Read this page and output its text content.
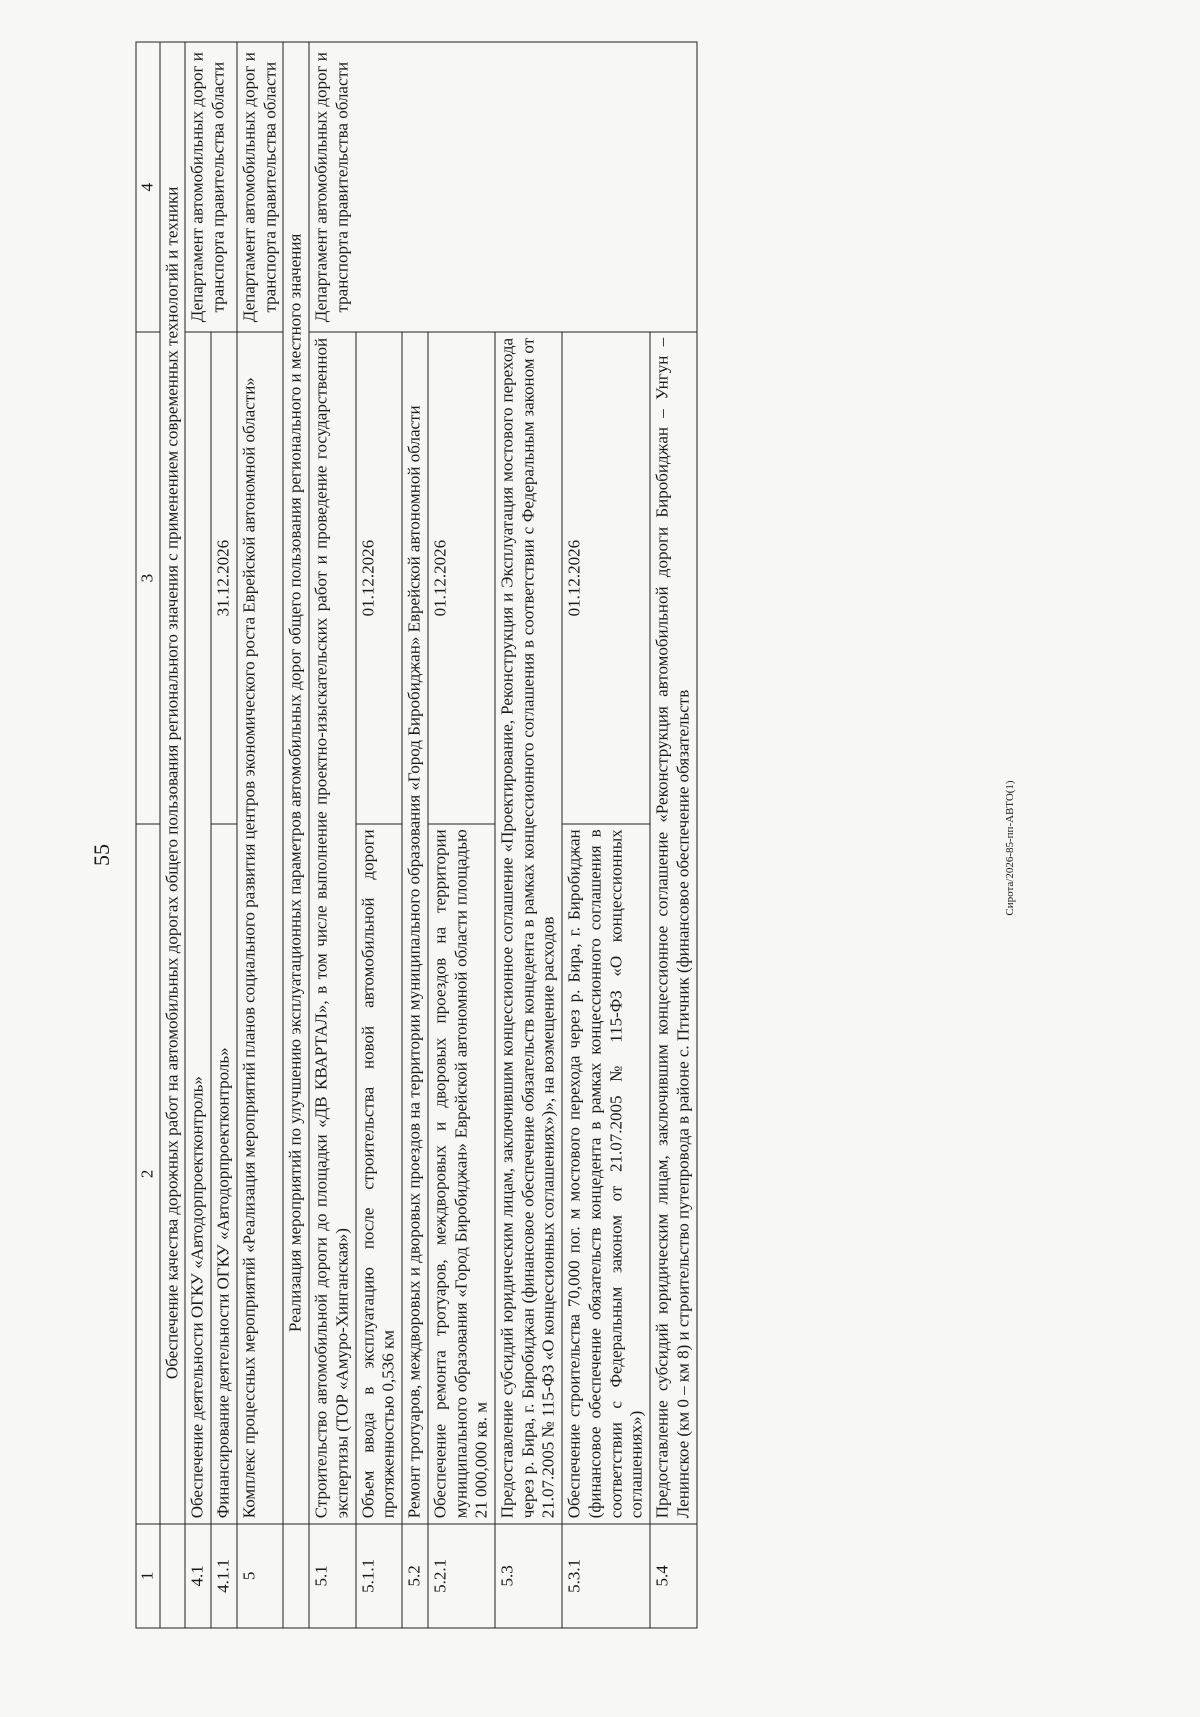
55
1	2	3	4
	Обеспечение качества дорожных работ на автомобильных дорогах общего пользования регионального значения с применением современных технологий и техники		
4.1	Обеспечение деятельности ОГКУ «Автодорпроектконтроль»		Департамент автомобильных дорог и транспорта правительства области
4.1.1	Финансирование деятельности ОГКУ «Автодорпроектконтроль»	31.12.2026	
5	Комплекс процессных мероприятий «Реализация мероприятий планов социального развития центров экономического роста Еврейской автономной области»		Департамент автомобильных дорог и транспорта правительства области
	Реализация мероприятий по улучшению эксплуатационных параметров автомобильных дорог общего пользования регионального и местного значения		
5.1	Строительство автомобильной дороги до площадки «ДВ КВАРТАЛ», в том числе выполнение проектно-изыскательских работ и проведение государственной экспертизы (ТОР «Амуро-Хинганская»)		Департамент автомобильных дорог и транспорта правительства области
5.1.1	Объем ввода в эксплуатацию после строительства новой автомобильной дороги протяженностью 0,536 км	01.12.2026	
5.2	Ремонт тротуаров, междворовых и дворовых проездов на территории муниципального образования «Город Биробиджан» Еврейской автономной области		
5.2.1	Обеспечение ремонта тротуаров, междворовых и дворовых проездов на территории муниципального образования «Город Биробиджан» Еврейской автономной области площадью 21 000,000 кв. м	01.12.2026	
5.3	Предоставление субсидий юридическим лицам, заключившим концессионное соглашение «Проектирование, Реконструкция и Эксплуатация мостового перехода через р. Бира, г. Биробиджан (финансовое обеспечение обязательств концедента в рамках концессионного соглашения в соответствии с Федеральным законом от 21.07.2005 № 115-ФЗ «О концессионных соглашениях»)», на возмещение расходов		
5.3.1	Обеспечение строительства 70,000 пог. м мостового перехода через р. Бира, г. Биробиджан (финансовое обеспечение обязательств концедента в рамках концессионного соглашения в соответствии с Федеральным законом от 21.07.2005 № 115-ФЗ «О концессионных соглашениях»)	01.12.2026	
5.4	Предоставление субсидий юридическим лицам, заключившим концессионное соглашение «Реконструкция автомобильной дороги Биробиджан – Унгун – Ленинское (км 0 – км 8) и строительство путепровода в районе с. Птичник (финансовое обеспечение обязательств			Сирота/2026-85-пп-АВТО(1)
